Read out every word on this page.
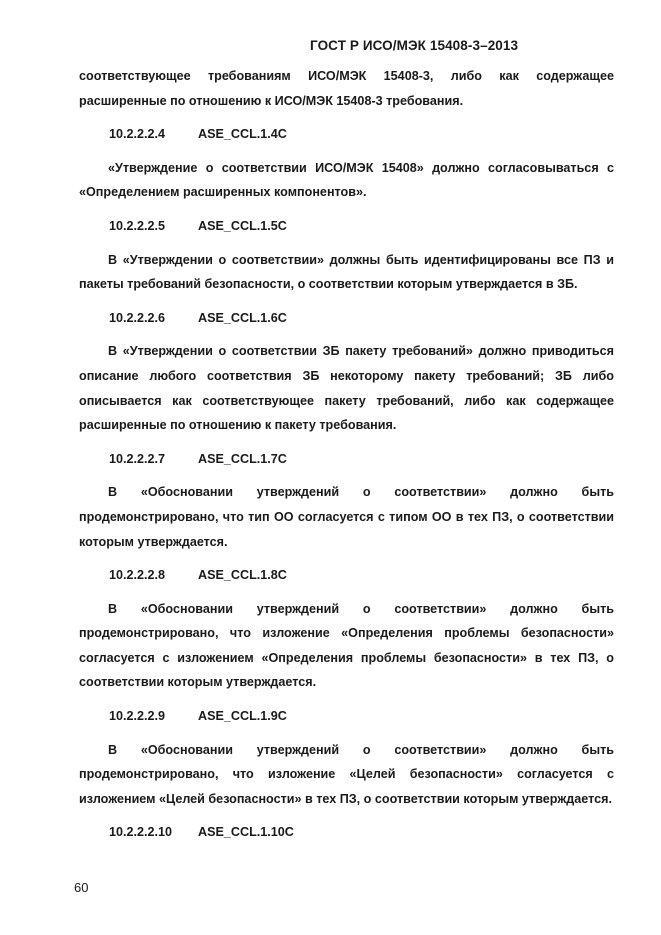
ГОСТ Р ИСО/МЭК 15408-3–2013
соответствующее требованиям ИСО/МЭК 15408-3, либо как содержащее расширенные по отношению к ИСО/МЭК 15408-3 требования.
10.2.2.2.4	ASE_CCL.1.4C
«Утверждение о соответствии ИСО/МЭК 15408» должно согласовываться с «Определением расширенных компонентов».
10.2.2.2.5	ASE_CCL.1.5C
В «Утверждении о соответствии» должны быть идентифицированы все ПЗ и пакеты требований безопасности, о соответствии которым утверждается в ЗБ.
10.2.2.2.6	ASE_CCL.1.6C
В «Утверждении о соответствии ЗБ пакету требований» должно приводиться описание любого соответствия ЗБ некоторому пакету требований; ЗБ либо описывается как соответствующее пакету требований, либо как содержащее расширенные по отношению к пакету требования.
10.2.2.2.7	ASE_CCL.1.7C
В «Обосновании утверждений о соответствии» должно быть продемонстрировано, что тип ОО согласуется с типом ОО в тех ПЗ, о соответствии которым утверждается.
10.2.2.2.8	ASE_CCL.1.8C
В «Обосновании утверждений о соответствии» должно быть продемонстрировано, что изложение «Определения проблемы безопасности» согласуется с изложением «Определения проблемы безопасности» в тех ПЗ, о соответствии которым утверждается.
10.2.2.2.9	ASE_CCL.1.9C
В «Обосновании утверждений о соответствии» должно быть продемонстрировано, что изложение «Целей безопасности» согласуется с изложением «Целей безопасности» в тех ПЗ, о соответствии которым утверждается.
10.2.2.2.10 ASE_CCL.1.10C
60
